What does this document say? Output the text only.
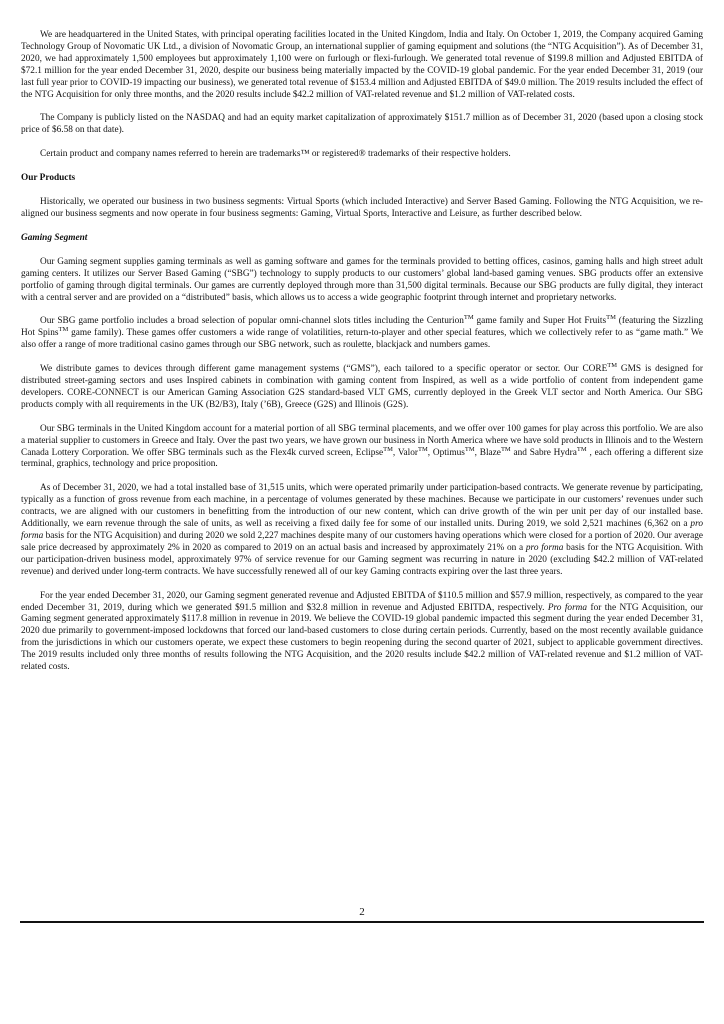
We are headquartered in the United States, with principal operating facilities located in the United Kingdom, India and Italy. On October 1, 2019, the Company acquired Gaming Technology Group of Novomatic UK Ltd., a division of Novomatic Group, an international supplier of gaming equipment and solutions (the “NTG Acquisition”). As of December 31, 2020, we had approximately 1,500 employees but approximately 1,100 were on furlough or flexi-furlough. We generated total revenue of $199.8 million and Adjusted EBITDA of $72.1 million for the year ended December 31, 2020, despite our business being materially impacted by the COVID-19 global pandemic. For the year ended December 31, 2019 (our last full year prior to COVID-19 impacting our business), we generated total revenue of $153.4 million and Adjusted EBITDA of $49.0 million. The 2019 results included the effect of the NTG Acquisition for only three months, and the 2020 results include $42.2 million of VAT-related revenue and $1.2 million of VAT-related costs.

The Company is publicly listed on the NASDAQ and had an equity market capitalization of approximately $151.7 million as of December 31, 2020 (based upon a closing stock price of $6.58 on that date).

Certain product and company names referred to herein are trademarks™ or registered® trademarks of their respective holders.

Our Products

Historically, we operated our business in two business segments: Virtual Sports (which included Interactive) and Server Based Gaming. Following the NTG Acquisition, we re-aligned our business segments and now operate in four business segments: Gaming, Virtual Sports, Interactive and Leisure, as further described below.

Gaming Segment

Our Gaming segment supplies gaming terminals as well as gaming software and games for the terminals provided to betting offices, casinos, gaming halls and high street adult gaming centers. It utilizes our Server Based Gaming (“SBG”) technology to supply products to our customers’ global land-based gaming venues. SBG products offer an extensive portfolio of gaming through digital terminals. Our games are currently deployed through more than 31,500 digital terminals. Because our SBG products are fully digital, they interact with a central server and are provided on a “distributed” basis, which allows us to access a wide geographic footprint through internet and proprietary networks.

Our SBG game portfolio includes a broad selection of popular omni-channel slots titles including the Centurion™ game family and Super Hot Fruits™ (featuring the Sizzling Hot Spins™ game family). These games offer customers a wide range of volatilities, return-to-player and other special features, which we collectively refer to as “game math.” We also offer a range of more traditional casino games through our SBG network, such as roulette, blackjack and numbers games.

We distribute games to devices through different game management systems (“GMS”), each tailored to a specific operator or sector. Our CORE™ GMS is designed for distributed street-gaming sectors and uses Inspired cabinets in combination with gaming content from Inspired, as well as a wide portfolio of content from independent game developers. CORE-CONNECT is our American Gaming Association G2S standard-based VLT GMS, currently deployed in the Greek VLT sector and North America. Our SBG products comply with all requirements in the UK (B2/B3), Italy (’6B), Greece (G2S) and Illinois (G2S).

Our SBG terminals in the United Kingdom account for a material portion of all SBG terminal placements, and we offer over 100 games for play across this portfolio. We are also a material supplier to customers in Greece and Italy. Over the past two years, we have grown our business in North America where we have sold products in Illinois and to the Western Canada Lottery Corporation. We offer SBG terminals such as the Flex4k curved screen, Eclipse™, Valor™, Optimus™, Blaze™ and Sabre Hydra™ , each offering a different size terminal, graphics, technology and price proposition.

As of December 31, 2020, we had a total installed base of 31,515 units, which were operated primarily under participation-based contracts. We generate revenue by participating, typically as a function of gross revenue from each machine, in a percentage of volumes generated by these machines. Because we participate in our customers’ revenues under such contracts, we are aligned with our customers in benefitting from the introduction of our new content, which can drive growth of the win per unit per day of our installed base. Additionally, we earn revenue through the sale of units, as well as receiving a fixed daily fee for some of our installed units. During 2019, we sold 2,521 machines (6,362 on a pro forma basis for the NTG Acquisition) and during 2020 we sold 2,227 machines despite many of our customers having operations which were closed for a portion of 2020. Our average sale price decreased by approximately 2% in 2020 as compared to 2019 on an actual basis and increased by approximately 21% on a pro forma basis for the NTG Acquisition. With our participation-driven business model, approximately 97% of service revenue for our Gaming segment was recurring in nature in 2020 (excluding $42.2 million of VAT-related revenue) and derived under long-term contracts. We have successfully renewed all of our key Gaming contracts expiring over the last three years.

For the year ended December 31, 2020, our Gaming segment generated revenue and Adjusted EBITDA of $110.5 million and $57.9 million, respectively, as compared to the year ended December 31, 2019, during which we generated $91.5 million and $32.8 million in revenue and Adjusted EBITDA, respectively. Pro forma for the NTG Acquisition, our Gaming segment generated approximately $117.8 million in revenue in 2019. We believe the COVID-19 global pandemic impacted this segment during the year ended December 31, 2020 due primarily to government-imposed lockdowns that forced our land-based customers to close during certain periods. Currently, based on the most recently available guidance from the jurisdictions in which our customers operate, we expect these customers to begin reopening during the second quarter of 2021, subject to applicable government directives. The 2019 results included only three months of results following the NTG Acquisition, and the 2020 results include $42.2 million of VAT-related revenue and $1.2 million of VAT-related costs.

2
